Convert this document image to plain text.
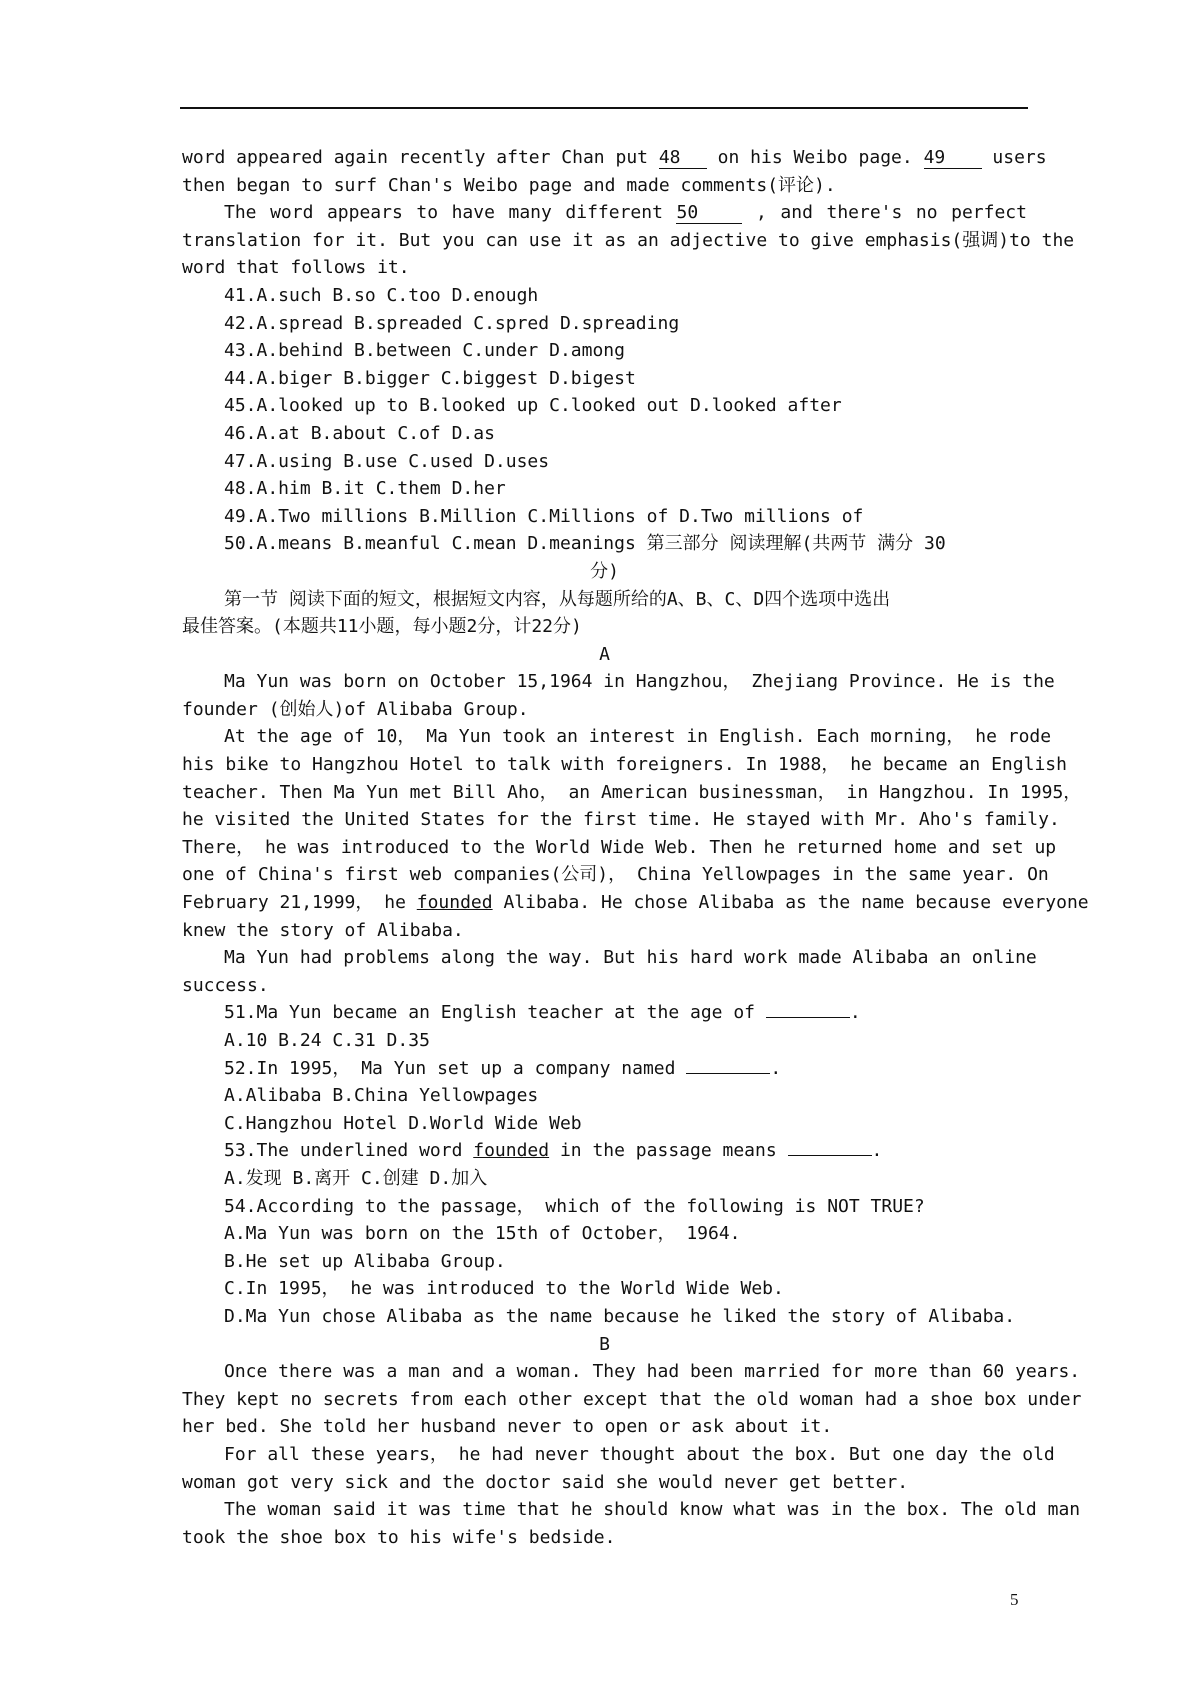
word appeared again recently after Chan put 48 on his Weibo page. 49 users
then began to surf Chan's Weibo page and made comments(评论).
The word appears to have many different 50 , and there's no perfect
translation for it. But you can use it as an adjective to give emphasis(强调)to the
word that follows it.
41.A.such B.so C.too D.enough
42.A.spread B.spreaded C.spred D.spreading
43.A.behind B.between C.under D.among
44.A.biger B.bigger C.biggest D.bigest
45.A.looked up to B.looked up C.looked out D.looked after
46.A.at B.about C.of D.as
47.A.using B.use C.used D.uses
48.A.him B.it C.them D.her
49.A.Two millions B.Million C.Millions of D.Two millions of
50.A.means B.meanful C.mean D.meanings 第三部分 阅读理解(共两节 满分 30
分)
第一节 阅读下面的短文，根据短文内容，从每题所给的A、B、C、D四个选项中选出
最佳答案。(本题共11小题，每小题2分，计22分)
A
Ma Yun was born on October 15,1964 in Hangzhou， Zhejiang Province. He is the
founder (创始人)of Alibaba Group.
At the age of 10， Ma Yun took an interest in English. Each morning， he rode
his bike to Hangzhou Hotel to talk with foreigners. In 1988， he became an English
teacher. Then Ma Yun met Bill Aho， an American businessman， in Hangzhou. In 1995，
he visited the United States for the first time. He stayed with Mr. Aho's family.
There， he was introduced to the World Wide Web. Then he returned home and set up
one of China's first web companies(公司)， China Yellowpages in the same year. On
February 21,1999， he founded Alibaba. He chose Alibaba as the name because everyone
knew the story of Alibaba.
Ma Yun had problems along the way. But his hard work made Alibaba an online
success.
51.Ma Yun became an English teacher at the age of	.
A.10 B.24 C.31 D.35
52.In 1995， Ma Yun set up a company named	.
A.Alibaba B.China Yellowpages
C.Hangzhou Hotel D.World Wide Web
53.The underlined word founded in the passage means	.
A.发现 B.离开 C.创建 D.加入
54.According to the passage， which of the following is NOT TRUE?
A.Ma Yun was born on the 15th of October， 1964.
B.He set up Alibaba Group.
C.In 1995， he was introduced to the World Wide Web.
D.Ma Yun chose Alibaba as the name because he liked the story of Alibaba.
B
Once there was a man and a woman. They had been married for more than 60 years.
They kept no secrets from each other except that the old woman had a shoe box under
her bed. She told her husband never to open or ask about it.
For all these years， he had never thought about the box. But one day the old
woman got very sick and the doctor said she would never get better.
The woman said it was time that he should know what was in the box. The old man
took the shoe box to his wife's bedside.
5
